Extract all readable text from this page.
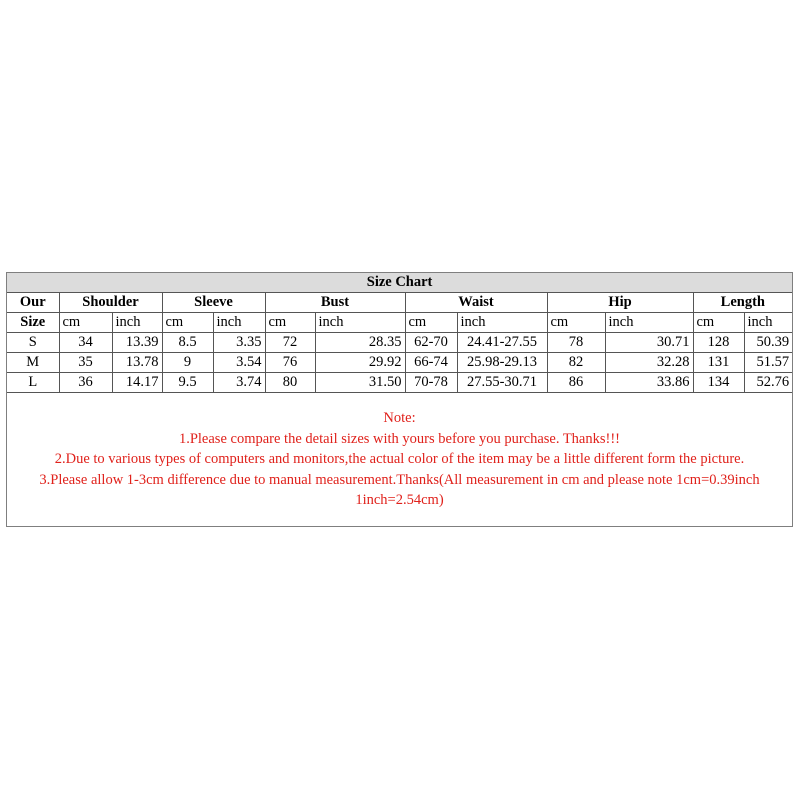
Size Chart												
Our	Shoulder		Sleeve		Bust		Waist		Hip		Length	
Size	cm	inch	cm	inch	cm	inch	cm	inch	cm	inch	cm	inch
S	34	13.39	8.5	3.35	72	28.35	62-70	24.41-27.55	78	30.71	128	50.39
M	35	13.78	9	3.54	76	29.92	66-74	25.98-29.13	82	32.28	131	51.57
L	36	14.17	9.5	3.74	80	31.50	70-78	27.55-30.71	86	33.86	134	52.76
Note:
1.Please compare the detail sizes with yours before you purchase. Thanks!!!
2.Due to various types of computers and monitors,the actual color of the item may be a little different form the picture.
3.Please allow 1-3cm difference due to manual measurement.Thanks(All measurement in cm and please note 1cm=0.39inch
1inch=2.54cm)
